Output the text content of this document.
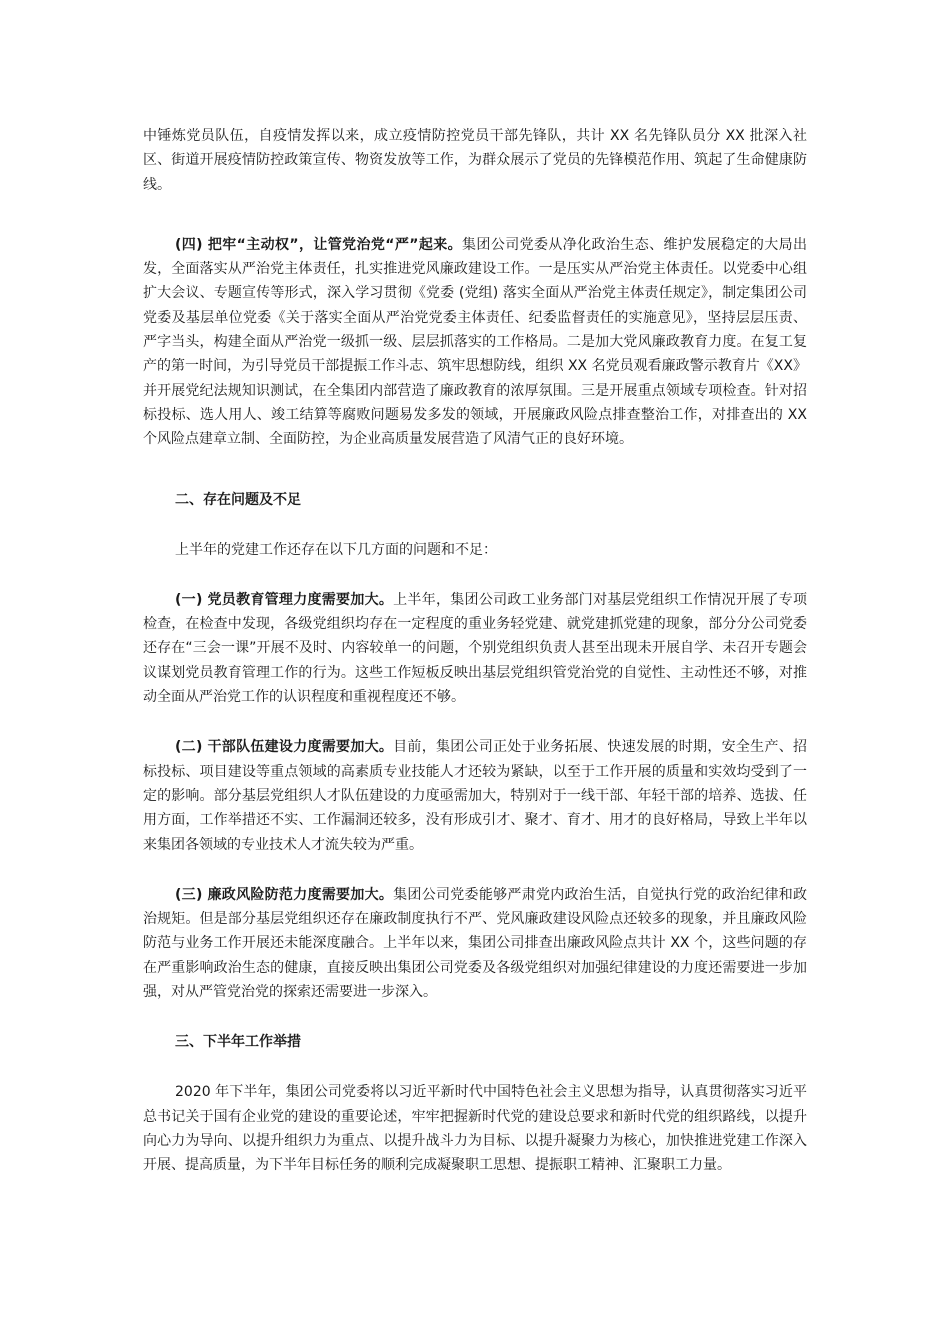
中锤炼党员队伍，自疫情发挥以来，成立疫情防控党员干部先锋队，共计 XX 名先锋队员分 XX 批深入社区、街道开展疫情防控政策宣传、物资发放等工作，为群众展示了党员的先锋模范作用、筑起了生命健康防线。

(四) 把牢“主动权”，让管党治党“严”起来。集团公司党委从净化政治生态、维护发展稳定的大局出发，全面落实从严治党主体责任，扎实推进党风廉政建设工作。一是压实从严治党主体责任。以党委中心组扩大会议、专题宣传等形式，深入学习贯彻《党委 (党组) 落实全面从严治党主体责任规定》，制定集团公司党委及基层单位党委《关于落实全面从严治党党委主体责任、纪委监督责任的实施意见》，坚持层层压责、严字当头，构建全面从严治党一级抓一级、层层抓落实的工作格局。二是加大党风廉政教育力度。在复工复产的第一时间，为引导党员干部提振工作斗志、筑牢思想防线，组织 XX 名党员观看廉政警示教育片《XX》并开展党纪法规知识测试，在全集团内部营造了廉政教育的浓厚氛围。三是开展重点领域专项检查。针对招标投标、选人用人、竣工结算等腐败问题易发多发的领域，开展廉政风险点排查整治工作，对排查出的 XX 个风险点建章立制、全面防控，为企业高质量发展营造了风清气正的良好环境。

二、存在问题及不足

上半年的党建工作还存在以下几方面的问题和不足：

(一) 党员教育管理力度需要加大。上半年，集团公司政工业务部门对基层党组织工作情况开展了专项检查，在检查中发现，各级党组织均存在一定程度的重业务轻党建、就党建抓党建的现象，部分分公司党委还存在“三会一课”开展不及时、内容较单一的问题，个别党组织负责人甚至出现未开展自学、未召开专题会议谋划党员教育管理工作的行为。这些工作短板反映出基层党组织管党治党的自觉性、主动性还不够，对推动全面从严治党工作的认识程度和重视程度还不够。

(二) 干部队伍建设力度需要加大。目前，集团公司正处于业务拓展、快速发展的时期，安全生产、招标投标、项目建设等重点领域的高素质专业技能人才还较为紧缺，以至于工作开展的质量和实效均受到了一定的影响。部分基层党组织人才队伍建设的力度亟需加大，特别对于一线干部、年轻干部的培养、选拔、任用方面，工作举措还不实、工作漏洞还较多，没有形成引才、聚才、育才、用才的良好格局，导致上半年以来集团各领域的专业技术人才流失较为严重。

(三) 廉政风险防范力度需要加大。集团公司党委能够严肃党内政治生活，自觉执行党的政治纪律和政治规矩。但是部分基层党组织还存在廉政制度执行不严、党风廉政建设风险点还较多的现象，并且廉政风险防范与业务工作开展还未能深度融合。上半年以来，集团公司排查出廉政风险点共计 XX 个，这些问题的存在严重影响政治生态的健康，直接反映出集团公司党委及各级党组织对加强纪律建设的力度还需要进一步加强，对从严管党治党的探索还需要进一步深入。

三、下半年工作举措

2020 年下半年，集团公司党委将以习近平新时代中国特色社会主义思想为指导，认真贯彻落实习近平总书记关于国有企业党的建设的重要论述，牢牢把握新时代党的建设总要求和新时代党的组织路线，以提升向心力为导向、以提升组织力为重点、以提升战斗力为目标、以提升凝聚力为核心，加快推进党建工作深入开展、提高质量，为下半年目标任务的顺利完成凝聚职工思想、提振职工精神、汇聚职工力量。
